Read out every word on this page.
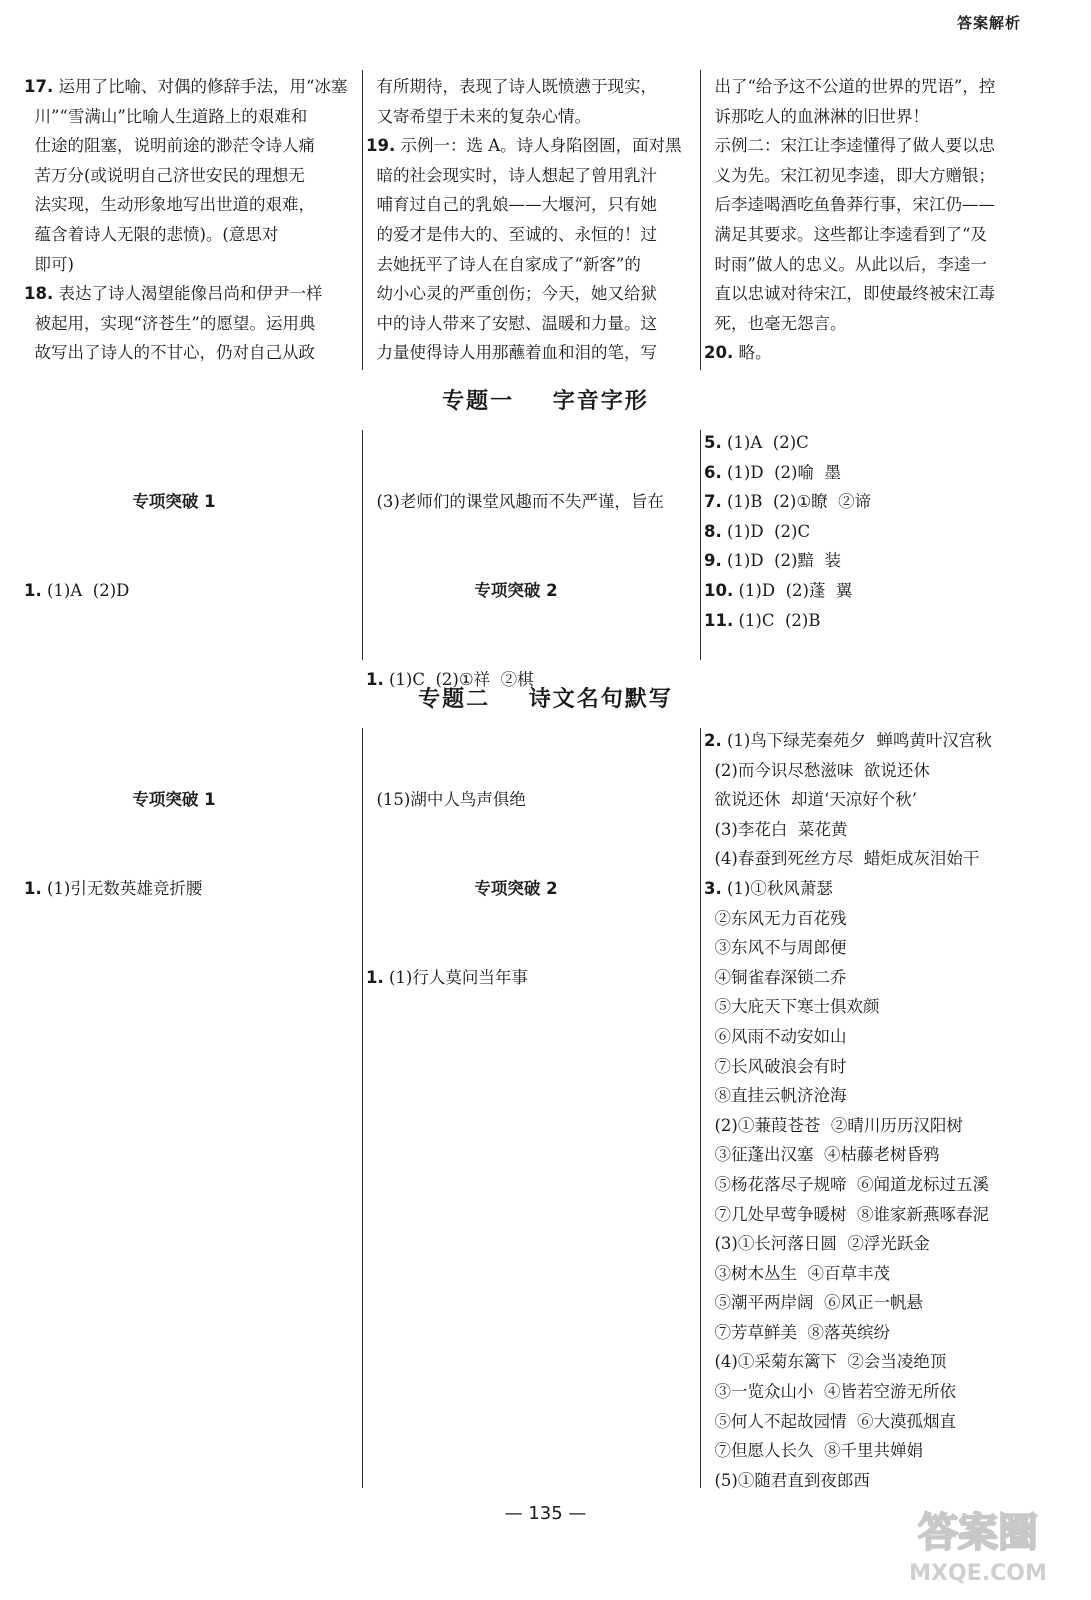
答案解析
17. 运用了比喻、对偶的修辞手法，用“冰塞
川”“雪满山”比喻人生道路上的艰难和
仕途的阻塞，说明前途的渺茫令诗人痛
苦万分(或说明自己济世安民的理想无
法实现，生动形象地写出世道的艰难，
蕴含着诗人无限的悲愤)。(意思对
即可)
18. 表达了诗人渴望能像吕尚和伊尹一样
被起用，实现“济苍生”的愿望。运用典
故写出了诗人的不甘心，仍对自己从政
有所期待，表现了诗人既愤懑于现实，
又寄希望于未来的复杂心情。
19. 示例一：选 A。诗人身陷囹圄，面对黑
暗的社会现实时，诗人想起了曾用乳汁
哺育过自己的乳娘——大堰河，只有她
的爱才是伟大的、至诚的、永恒的！过
去她抚平了诗人在自家成了“新客”的
幼小心灵的严重创伤；今天，她又给狱
中的诗人带来了安慰、温暖和力量。这
力量使得诗人用那蘸着血和泪的笔，写
出了“给予这不公道的世界的咒语”，控
诉那吃人的血淋淋的旧世界！
示例二：宋江让李逵懂得了做人要以忠
义为先。宋江初见李逵，即大方赠银；
后李逵喝酒吃鱼鲁莽行事，宋江仍——
满足其要求。这些都让李逵看到了“及
时雨”做人的忠义。从此以后，李逵一
直以忠诚对待宋江，即使最终被宋江毒
死，也毫无怨言。
20. 略。
专题一    字音字形

专项突破 1

1. (1)A  (2)D

(3)老师们的课堂风趣而不失严谨，旨在

专项突破 2

1. (1)C  (2)①祥  ②棋

5. (1)A  (2)C
6. (1)D  (2)喻  墨
7. (1)B  (2)①瞭  ②谛
8. (1)D  (2)C
9. (1)D  (2)黯  装
10. (1)D  (2)蓬  翼
11. (1)C  (2)B
专题二    诗文名句默写

专项突破 1

1. (1)引无数英雄竞折腰

(15)湖中人鸟声俱绝

专项突破 2

1. (1)行人莫问当年事

2. (1)鸟下绿芜秦苑夕  蝉鸣黄叶汉宫秋
(2)而今识尽愁滋味  欲说还休
欲说还休  却道‘天凉好个秋’
(3)李花白  菜花黄
(4)春蚕到死丝方尽  蜡炬成灰泪始干
3. (1)①秋风萧瑟
②东风无力百花残
③东风不与周郎便
④铜雀春深锁二乔
⑤大庇天下寒士俱欢颜
⑥风雨不动安如山
⑦长风破浪会有时
⑧直挂云帆济沧海
(2)①蒹葭苍苍  ②晴川历历汉阳树
③征蓬出汉塞  ④枯藤老树昏鸦
⑤杨花落尽子规啼  ⑥闻道龙标过五溪
⑦几处早莺争暖树  ⑧谁家新燕啄春泥
(3)①长河落日圆  ②浮光跃金
③树木丛生  ④百草丰茂
⑤潮平两岸阔  ⑥风正一帆悬
⑦芳草鲜美  ⑧落英缤纷
(4)①采菊东篱下  ②会当凌绝顶
③一览众山小  ④皆若空游无所依
⑤何人不起故园情  ⑥大漠孤烟直
⑦但愿人长久  ⑧千里共婵娟
(5)①随君直到夜郎西
— 135 —	答案圈
MXQE.COM
